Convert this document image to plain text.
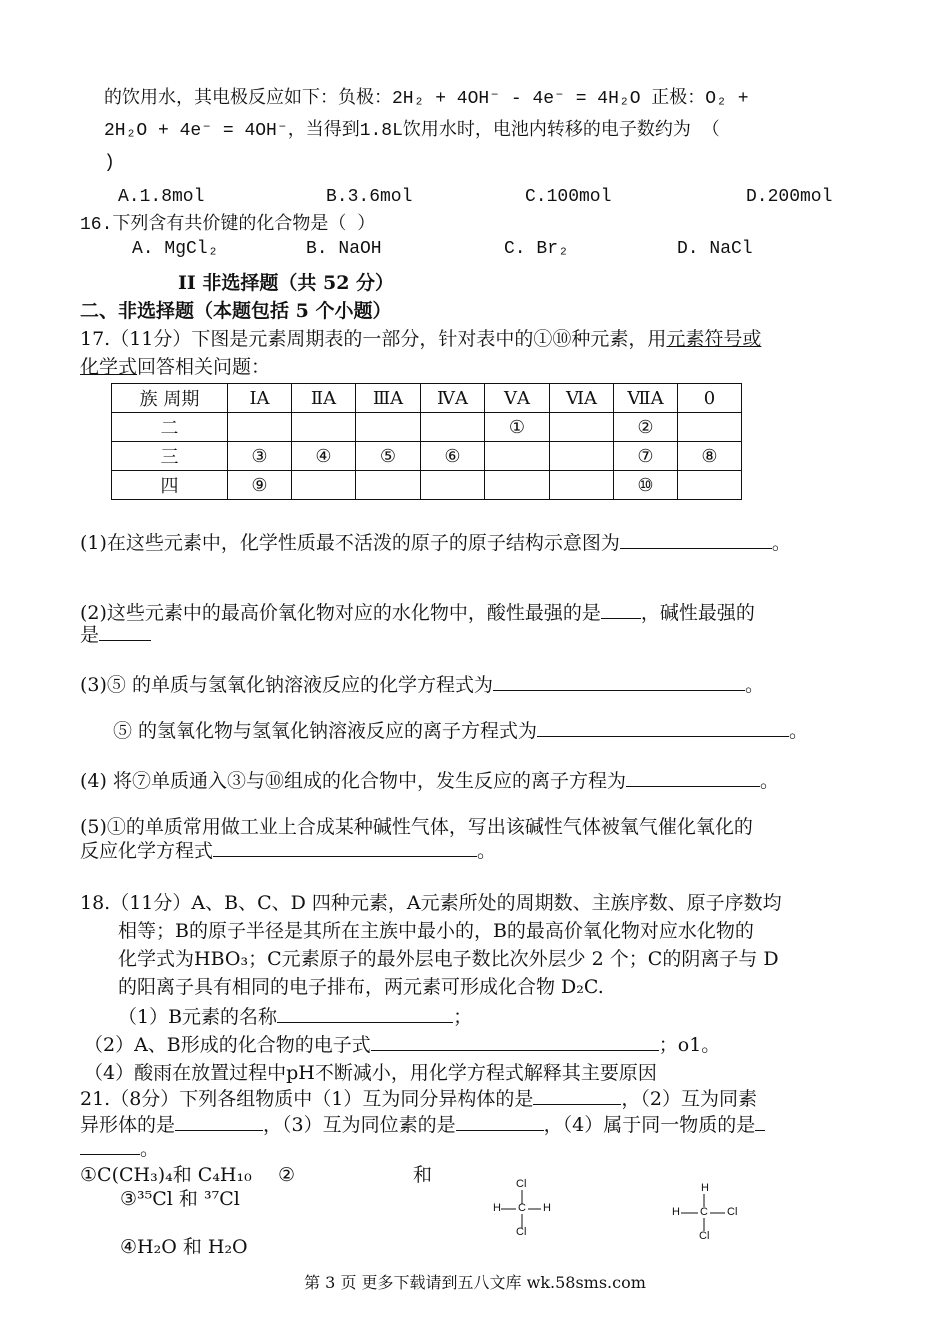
的饮用水，其电极反应如下：负极：2H₂ + 4OH⁻ - 4e⁻ = 4H₂O 正极：O₂ +
2H₂O + 4e⁻ = 4OH⁻，当得到1.8L饮用水时，电池内转移的电子数约为 （
)
A.1.8mol	B.3.6mol	C.100mol	D.200mol
16.下列含有共价键的化合物是（ ）
A. MgCl₂	B. NaOH	C. Br₂	D. NaCl
II 非选择题（共 52 分）
二、非选择题（本题包括 5 个小题）
17.（11分）下图是元素周期表的一部分，针对表中的①⑩种元素，用元素符号或
化学式回答相关问题：
族 周期	ⅠA	ⅡA	ⅢA	ⅣA	ⅤA	ⅥA	ⅦA	0
二					①		②	
三	③	④	⑤	⑥			⑦	⑧
四	⑨						⑩	
(1)在这些元素中，化学性质最不活泼的原子的原子结构示意图为	。
(2)这些元素中的最高价氧化物对应的水化物中，酸性最强的是 ，碱性最强的
是
(3)⑤ 的单质与氢氧化钠溶液反应的化学方程式为	。
⑤ 的氢氧化物与氢氧化钠溶液反应的离子方程式为	。
(4) 将⑦单质通入③与⑩组成的化合物中，发生反应的离子方程为	。
(5)①的单质常用做工业上合成某种碱性气体，写出该碱性气体被氧气催化氧化的
反应化学方程式	。
18.（11分）A、B、C、D 四种元素，A元素所处的周期数、主族序数、原子序数均
相等；B的原子半径是其所在主族中最小的，B的最高价氧化物对应水化物的
化学式为HBO₃；C元素原子的最外层电子数比次外层少 2 个；C的阴离子与 D
的阳离子具有相同的电子排布，两元素可形成化合物 D₂C.
（1）B元素的名称	；
（2）A、B形成的化合物的电子式	；o1。
（4）酸雨在放置过程中pH不断减小，用化学方程式解释其主要原因
21.（8分）下列各组物质中（1）互为同分异构体的是	，（2）互为同素
异形体的是	，（3）互为同位素的是	，（4）属于同一物质的是
。
①C(CH₃)₄和 C₄H₁₀ ②	和
③³⁵Cl 和 ³⁷Cl
④H₂O 和 H₂O
Cl
H C H
Cl
H
H C Cl
Cl
第 3 页 更多下载请到五八文库 wk.58sms.com
